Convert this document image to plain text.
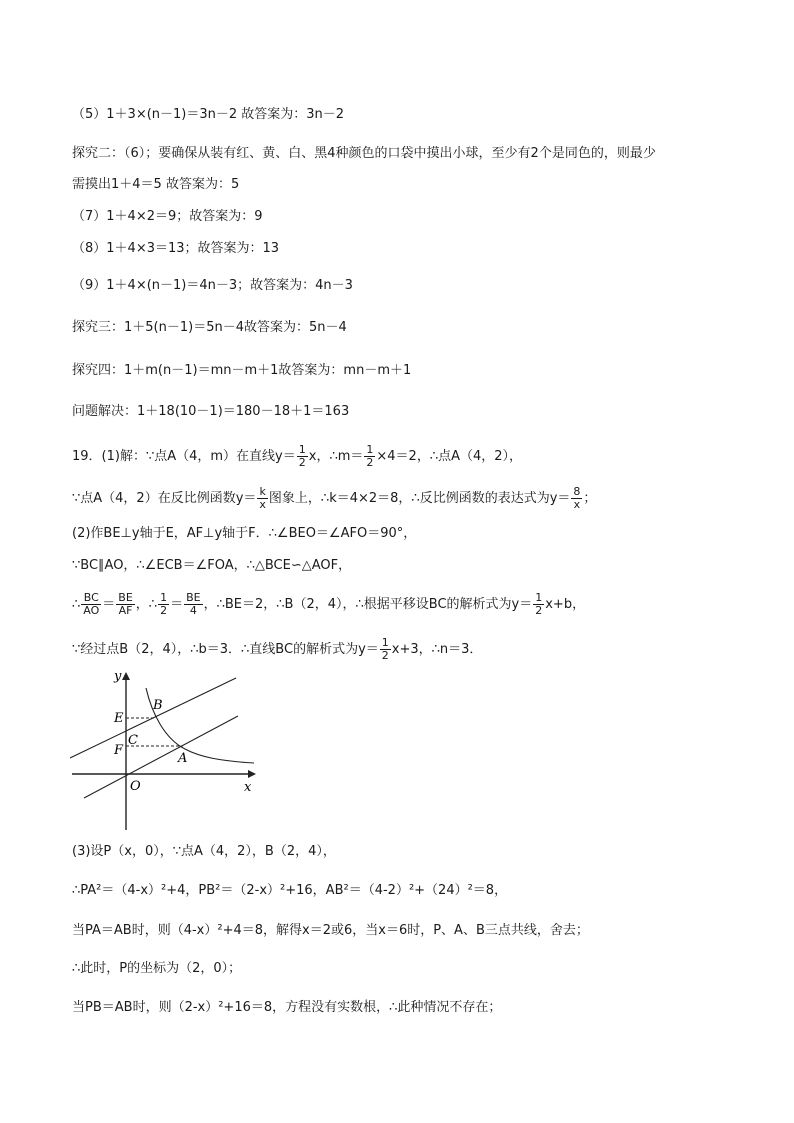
（5）1＋3×(n－1)＝3n－2 故答案为：3n－2
探究二：（6）；要确保从装有红、黄、白、黑4种颜色的口袋中摸出小球，至少有2个是同色的，则最少
需摸出1＋4＝5 故答案为：5
（7）1＋4×2＝9；故答案为：9
（8）1＋4×3＝13；故答案为：13
（9）1＋4×(n－1)＝4n－3；故答案为：4n－3
探究三：1＋5(n－1)＝5n－4故答案为：5n－4
探究四：1＋m(n－1)＝mn－m＋1故答案为：mn－m＋1
问题解决：1＋18(10－1)＝180－18＋1＝163
19．(1)解：∵点A（4，m）在直线$y= \frac{1}{2}$ x，∴m＝ $\frac{1}{2} \times 4=2$，∴点A（4，2），
∵点A（4，2）在反比例函数$y= \frac{k}{x}$ 图象上，∴k＝4×2＝8，∴反比例函数的表达式为$y= \frac{8}{x}$ ；
(2)作BE⊥y轴于E，AF⊥y轴于F．∴∠BEO＝∠AFO＝90°，
∵BC∥AO，∴∠ECB＝∠FOA，∴△BCE∽△AOF，
∴ $\frac{BC}{AO} = \frac{BE}{AF}$ ，∴ $\frac{1}{2} = \frac{BE}{4}$ ，∴BE＝2，∴B（2，4），∴根据平移设BC的解析式为$y= \frac{1}{2} x+b$，
∵经过点B（2，4），∴b＝3．∴直线BC的解析式为$y= \frac{1}{2} x+3$，∴n＝3．
y
x
O
E
F
C
B
A
(3)设P（x，0），∵点A（4，2），B（2，4），
∴PA²＝（4-x）²+4，PB²＝（2-x）²+16，AB²＝（4-2）²+（24）²＝8，
当PA＝AB时，则（4-x）²+4＝8，解得x＝2或6，当x＝6时，P、A、B三点共线，舍去；
∴此时，P的坐标为（2，0）；
当PB＝AB时，则（2-x）²+16＝8，方程没有实数根，∴此种情况不存在；
